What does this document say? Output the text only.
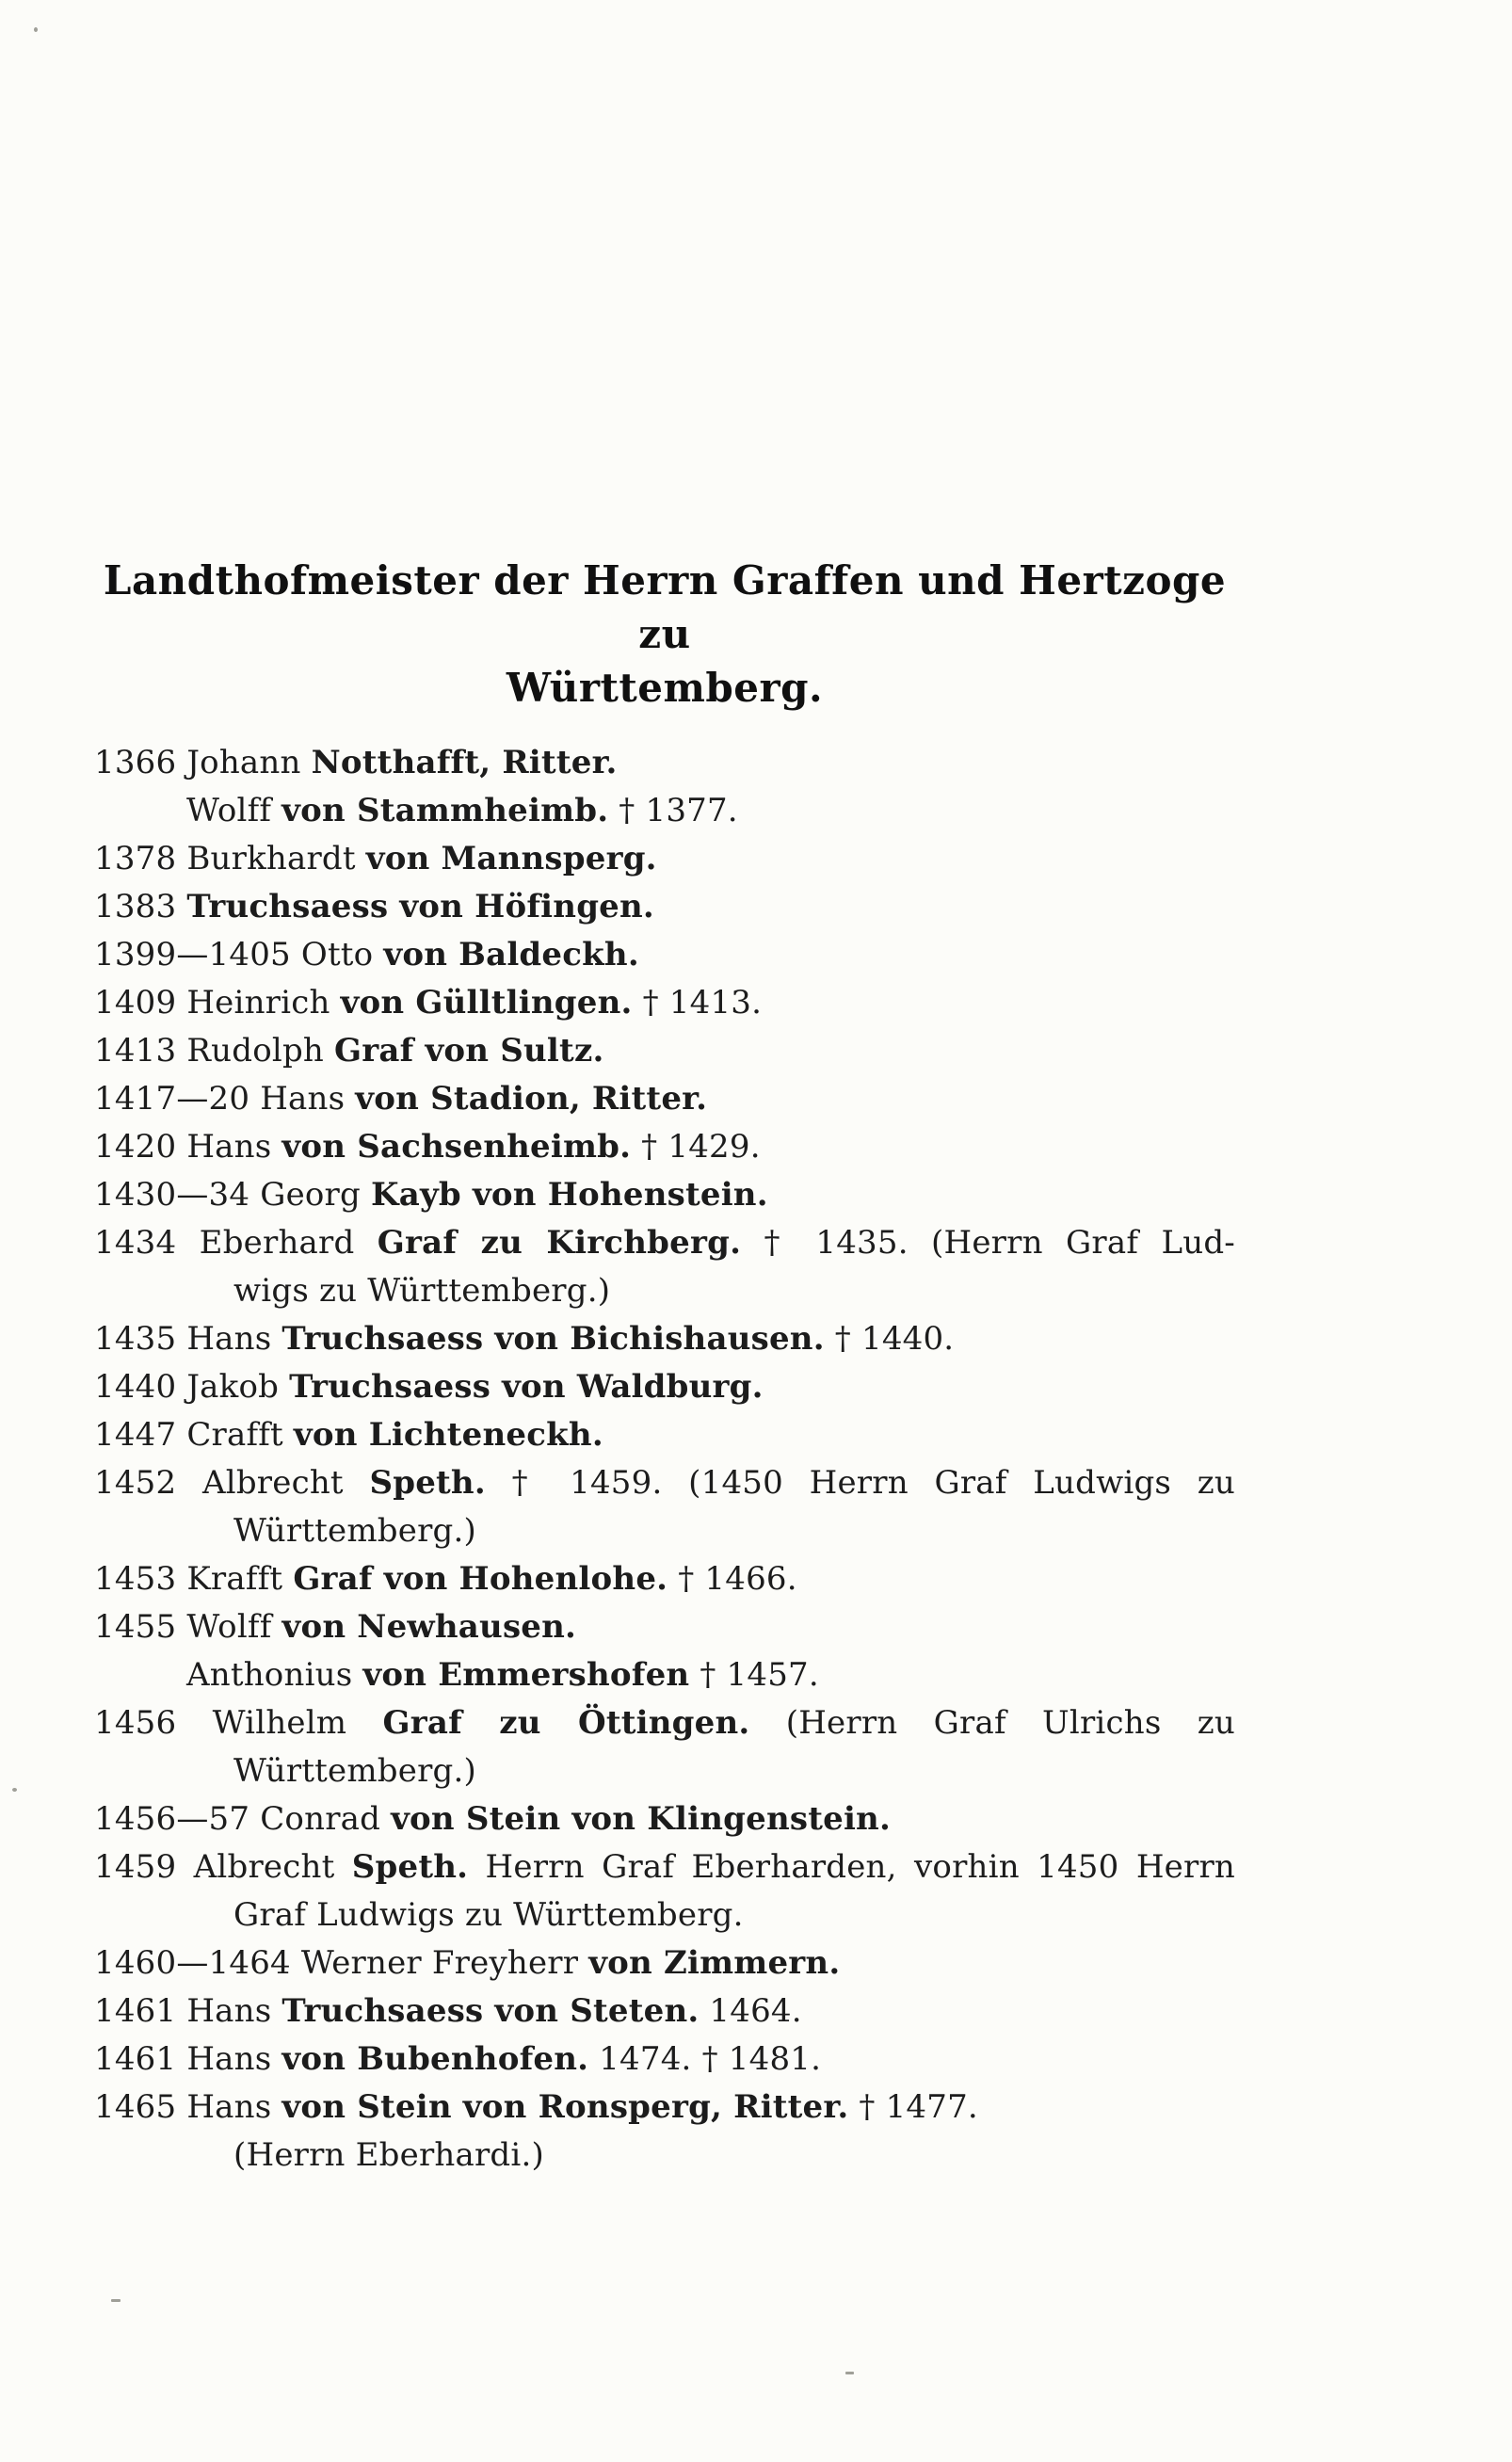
Landthofmeister der Herrn Graffen und Hertzoge zu
Württemberg.
1366 Johann Notthafft, Ritter.
Wolff von Stammheimb. † 1377.
1378 Burkhardt von Mannsperg.
1383 Truchsaess von Höfingen.
1399—1405 Otto von Baldeckh.
1409 Heinrich von Gülltlingen. † 1413.
1413 Rudolph Graf von Sultz.
1417—20 Hans von Stadion, Ritter.
1420 Hans von Sachsenheimb. † 1429.
1430—34 Georg Kayb von Hohenstein.
1434 Eberhard Graf zu Kirchberg. † 1435. (Herrn Graf Lud-
wigs zu Württemberg.)
1435 Hans Truchsaess von Bichishausen. † 1440.
1440 Jakob Truchsaess von Waldburg.
1447 Crafft von Lichteneckh.
1452 Albrecht Speth. † 1459. (1450 Herrn Graf Ludwigs zu
Württemberg.)
1453 Krafft Graf von Hohenlohe. † 1466.
1455 Wolff von Newhausen.
Anthonius von Emmershofen † 1457.
1456 Wilhelm Graf zu Öttingen. (Herrn Graf Ulrichs zu
Württemberg.)
1456—57 Conrad von Stein von Klingenstein.
1459 Albrecht Speth. Herrn Graf Eberharden, vorhin 1450 Herrn
Graf Ludwigs zu Württemberg.
1460—1464 Werner Freyherr von Zimmern.
1461 Hans Truchsaess von Steten. 1464.
1461 Hans von Bubenhofen. 1474. † 1481.
1465 Hans von Stein von Ronsperg, Ritter. † 1477.
(Herrn Eberhardi.)
